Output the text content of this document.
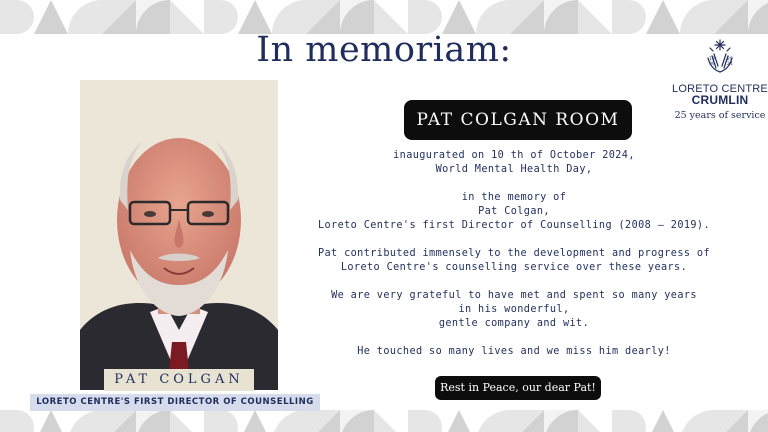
In memoriam:	19
99
20
24
LORETO CENTRE
CRUMLIN
25 years of service
PAT COLGAN
LORETO CENTRE'S FIRST DIRECTOR OF COUNSELLING
PAT COLGAN ROOM

inaugurated on 10 th of October 2024,

World Mental Health Day,

in the memory of

Pat Colgan,

Loreto Centre's first Director of Counselling (2008 – 2019).

Pat contributed immensely to the development and progress of

Loreto Centre's counselling service over these years.

We are very grateful to have met and spent so many years

in his wonderful,

gentle company and wit.

He touched so many lives and we miss him dearly!

Rest in Peace, our dear Pat!
